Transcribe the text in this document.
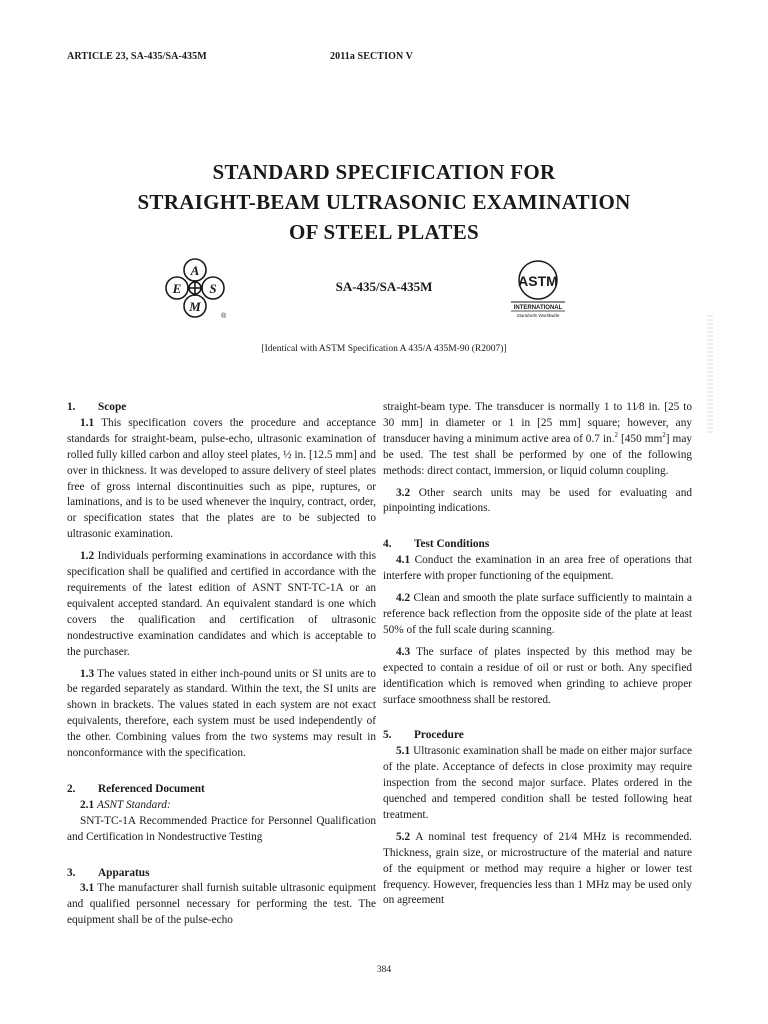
ARTICLE 23, SA-435/SA-435M	2011a SECTION V
STANDARD SPECIFICATION FOR
STRAIGHT-BEAM ULTRASONIC EXAMINATION
OF STEEL PLATES
A
S
M
E
®
SA-435/SA-435M	ASTM
INTERNATIONAL
Standards Worldwide
[Identical with ASTM Specification A 435/A 435M-90 (R2007)]
1. Scope

1.1 This specification covers the procedure and acceptance standards for straight-beam, pulse-echo, ultrasonic examination of rolled fully killed carbon and alloy steel plates, ½ in. [12.5 mm] and over in thickness. It was developed to assure delivery of steel plates free of gross internal discontinuities such as pipe, ruptures, or laminations, and is to be used whenever the inquiry, contract, order, or specification states that the plates are to be subjected to ultrasonic examination.

1.2 Individuals performing examinations in accordance with this specification shall be qualified and certified in accordance with the requirements of the latest edition of ASNT SNT-TC-1A or an equivalent accepted standard. An equivalent standard is one which covers the qualification and certification of ultrasonic nondestructive examination candidates and which is acceptable to the purchaser.

1.3 The values stated in either inch-pound units or SI units are to be regarded separately as standard. Within the text, the SI units are shown in brackets. The values stated in each system are not exact equivalents, therefore, each system must be used independently of the other. Combining values from the two systems may result in nonconformance with the specification.

2. Referenced Document

2.1 ASNT Standard:

SNT-TC-1A Recommended Practice for Personnel Qualification and Certification in Nondestructive Testing

3. Apparatus

3.1 The manufacturer shall furnish suitable ultrasonic equipment and qualified personnel necessary for performing the test. The equipment shall be of the pulse-echo

straight-beam type. The transducer is normally 1 to 11⁄8 in. [25 to 30 mm] in diameter or 1 in [25 mm] square; however, any transducer having a minimum active area of 0.7 in.$^2$ [450 $mm^2$] may be used. The test shall be performed by one of the following methods: direct contact, immersion, or liquid column coupling.

3.2 Other search units may be used for evaluating and pinpointing indications.

4. Test Conditions

4.1 Conduct the examination in an area free of operations that interfere with proper functioning of the equipment.

4.2 Clean and smooth the plate surface sufficiently to maintain a reference back reflection from the opposite side of the plate at least 50% of the full scale during scanning.

4.3 The surface of plates inspected by this method may be expected to contain a residue of oil or rust or both. Any specified identification which is removed when grinding to achieve proper surface smoothness shall be restored.

5. Procedure

5.1 Ultrasonic examination shall be made on either major surface of the plate. Acceptance of defects in close proximity may require inspection from the second major surface. Plates ordered in the quenched and tempered condition shall be tested following heat treatment.

5.2 A nominal test frequency of 21⁄4 MHz is recommended. Thickness, grain size, or microstructure of the material and nature of the equipment or method may require a higher or lower test frequency. However, frequencies less than 1 MHz may be used only on agreement

384
